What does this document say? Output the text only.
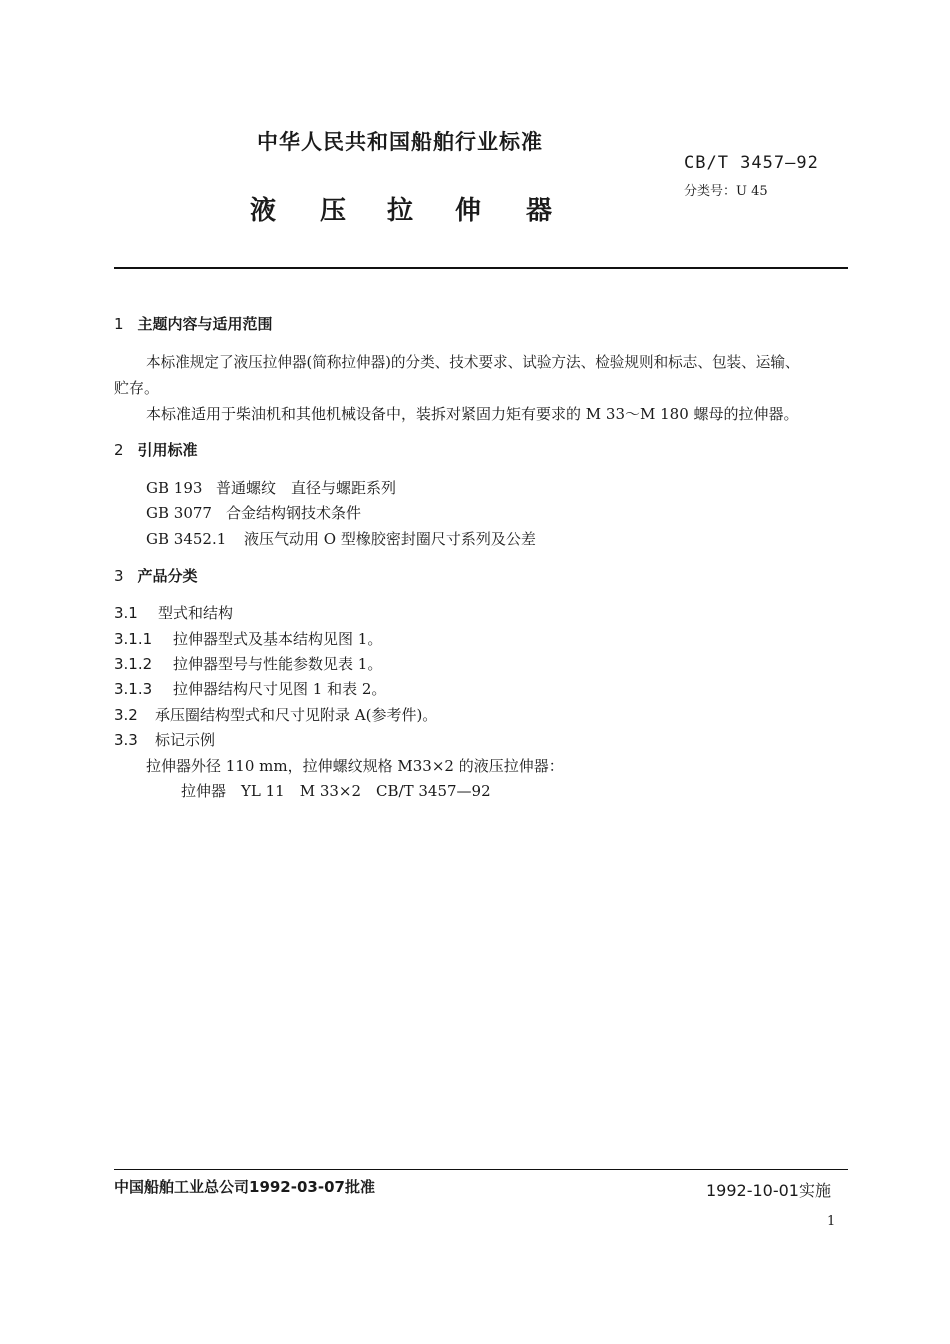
中华人民共和国船舶行业标准
CB/T 3457—92
分类号：U 45
液 压 拉 伸 器
1 主题内容与适用范围
本标准规定了液压拉伸器(简称拉伸器)的分类、技术要求、试验方法、检验规则和标志、包装、运输、
贮存。
本标准适用于柴油机和其他机械设备中，装拆对紧固力矩有要求的 M 33～M 180 螺母的拉伸器。
2 引用标准
GB 193 普通螺纹　直径与螺距系列
GB 3077 合金结构钢技术条件
GB 3452.1 液压气动用 O 型橡胶密封圈尺寸系列及公差
3 产品分类
3.1 型式和结构
3.1.1 拉伸器型式及基本结构见图 1。
3.1.2 拉伸器型号与性能参数见表 1。
3.1.3 拉伸器结构尺寸见图 1 和表 2。
3.2 承压圈结构型式和尺寸见附录 A(参考件)。
3.3 标记示例
拉伸器外径 110 mm，拉伸螺纹规格 M33×2 的液压拉伸器：
拉伸器　YL 11　M 33×2　CB/T 3457—92
中国船舶工业总公司1992-03-07批准	1992-10-01实施
1
